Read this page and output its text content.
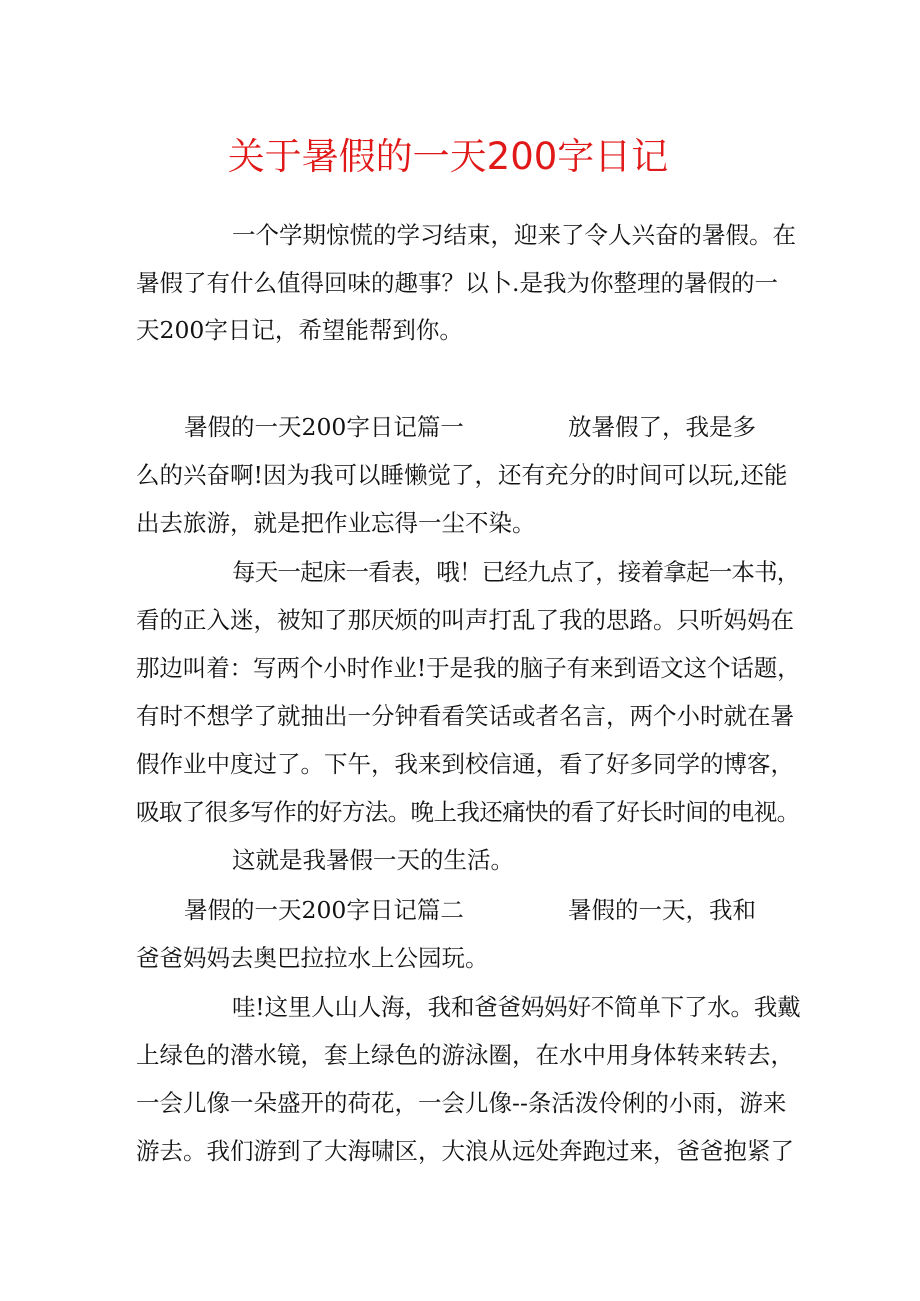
关于暑假的一天200字日记
一个学期惊慌的学习结束，迎来了令人兴奋的暑假。在
暑假了有什么值得回味的趣事？以卜.是我为你整理的暑假的一
天200字日记，希望能帮到你。
暑假的一天200字日记篇一	放暑假了，我是多
么的兴奋啊!因为我可以睡懒觉了，还有充分的时间可以玩,还能
出去旅游，就是把作业忘得一尘不染。
每天一起床一看表，哦！已经九点了，接着拿起一本书，
看的正入迷，被知了那厌烦的叫声打乱了我的思路。只听妈妈在
那边叫着：写两个小时作业!于是我的脑子有来到语文这个话题，
有时不想学了就抽出一分钟看看笑话或者名言，两个小时就在暑
假作业中度过了。下午，我来到校信通，看了好多同学的博客，
吸取了很多写作的好方法。晚上我还痛快的看了好长时间的电视。
这就是我暑假一天的生活。
暑假的一天200字日记篇二	暑假的一天，我和
爸爸妈妈去奥巴拉拉水上公园玩。
哇!这里人山人海，我和爸爸妈妈好不简单下了水。我戴
上绿色的潜水镜，套上绿色的游泳圈，在水中用身体转来转去，
一会儿像一朵盛开的荷花，一会儿像--条活泼伶俐的小雨，游来
游去。我们游到了大海啸区，大浪从远处奔跑过来，爸爸抱紧了
